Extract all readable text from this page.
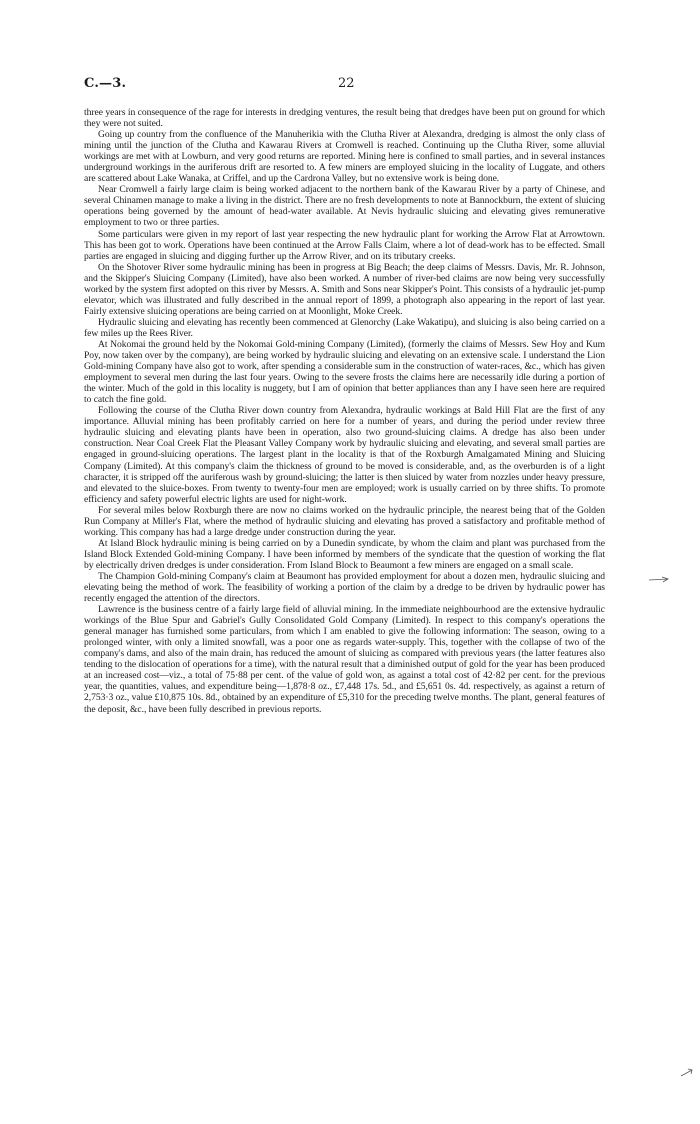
C.—3.	22

three years in consequence of the rage for interests in dredging ventures, the result being that dredges have been put on ground for which they were not suited.

Going up country from the confluence of the Manuherikia with the Clutha River at Alexandra, dredging is almost the only class of mining until the junction of the Clutha and Kawarau Rivers at Cromwell is reached. Continuing up the Clutha River, some alluvial workings are met with at Lowburn, and very good returns are reported. Mining here is confined to small parties, and in several instances underground workings in the auriferous drift are resorted to. A few miners are employed sluicing in the locality of Luggate, and others are scattered about Lake Wanaka, at Criffel, and up the Cardrona Valley, but no extensive work is being done.

Near Cromwell a fairly large claim is being worked adjacent to the northern bank of the Kawarau River by a party of Chinese, and several Chinamen manage to make a living in the district. There are no fresh developments to note at Bannockburn, the extent of sluicing operations being governed by the amount of head-water available. At Nevis hydraulic sluicing and elevating gives remunerative employment to two or three parties.

Some particulars were given in my report of last year respecting the new hydraulic plant for working the Arrow Flat at Arrowtown. This has been got to work. Operations have been continued at the Arrow Falls Claim, where a lot of dead-work has to be effected. Small parties are engaged in sluicing and digging further up the Arrow River, and on its tributary creeks.

On the Shotover River some hydraulic mining has been in progress at Big Beach; the deep claims of Messrs. Davis, Mr. R. Johnson, and the Skipper's Sluicing Company (Limited), have also been worked. A number of river-bed claims are now being very successfully worked by the system first adopted on this river by Messrs. A. Smith and Sons near Skipper's Point. This consists of a hydraulic jet-pump elevator, which was illustrated and fully described in the annual report of 1899, a photograph also appearing in the report of last year. Fairly extensive sluicing operations are being carried on at Moonlight, Moke Creek.

Hydraulic sluicing and elevating has recently been commenced at Glenorchy (Lake Wakatipu), and sluicing is also being carried on a few miles up the Rees River.

At Nokomai the ground held by the Nokomai Gold-mining Company (Limited), (formerly the claims of Messrs. Sew Hoy and Kum Poy, now taken over by the company), are being worked by hydraulic sluicing and elevating on an extensive scale. I understand the Lion Gold-mining Company have also got to work, after spending a considerable sum in the construction of water-races, &c., which has given employment to several men during the last four years. Owing to the severe frosts the claims here are necessarily idle during a portion of the winter. Much of the gold in this locality is nuggety, but I am of opinion that better appliances than any I have seen here are required to catch the fine gold.

Following the course of the Clutha River down country from Alexandra, hydraulic workings at Bald Hill Flat are the first of any importance. Alluvial mining has been profitably carried on here for a number of years, and during the period under review three hydraulic sluicing and elevating plants have been in operation, also two ground-sluicing claims. A dredge has also been under construction. Near Coal Creek Flat the Pleasant Valley Company work by hydraulic sluicing and elevating, and several small parties are engaged in ground-sluicing operations. The largest plant in the locality is that of the Roxburgh Amalgamated Mining and Sluicing Company (Limited). At this company's claim the thickness of ground to be moved is considerable, and, as the overburden is of a light character, it is stripped off the auriferous wash by ground-sluicing; the latter is then sluiced by water from nozzles under heavy pressure, and elevated to the sluice-boxes. From twenty to twenty-four men are employed; work is usually carried on by three shifts. To promote efficiency and safety powerful electric lights are used for night-work.

For several miles below Roxburgh there are now no claims worked on the hydraulic principle, the nearest being that of the Golden Run Company at Miller's Flat, where the method of hydraulic sluicing and elevating has proved a satisfactory and profitable method of working. This company has had a large dredge under construction during the year.

At Island Block hydraulic mining is being carried on by a Dunedin syndicate, by whom the claim and plant was purchased from the Island Block Extended Gold-mining Company. I have been informed by members of the syndicate that the question of working the flat by electrically driven dredges is under consideration. From Island Block to Beaumont a few miners are engaged on a small scale.

The Champion Gold-mining Company's claim at Beaumont has provided employment for about a dozen men, hydraulic sluicing and elevating being the method of work. The feasibility of working a portion of the claim by a dredge to be driven by hydraulic power has recently engaged the attention of the directors.

Lawrence is the business centre of a fairly large field of alluvial mining. In the immediate neighbourhood are the extensive hydraulic workings of the Blue Spur and Gabriel's Gully Consolidated Gold Company (Limited). In respect to this company's operations the general manager has furnished some particulars, from which I am enabled to give the following information: The season, owing to a prolonged winter, with only a limited snowfall, was a poor one as regards water-supply. This, together with the collapse of two of the company's dams, and also of the main drain, has reduced the amount of sluicing as compared with previous years (the latter features also tending to the dislocation of operations for a time), with the natural result that a diminished output of gold for the year has been produced at an increased cost—viz., a total of 75·88 per cent. of the value of gold won, as against a total cost of 42·82 per cent. for the previous year, the quantities, values, and expenditure being—1,878·8 oz., £7,448 17s. 5d., and £5,651 0s. 4d. respectively, as against a return of 2,753·3 oz., value £10,875 10s. 8d., obtained by an expenditure of £5,310 for the preceding twelve months. The plant, general features of the deposit, &c., have been fully described in previous reports.
